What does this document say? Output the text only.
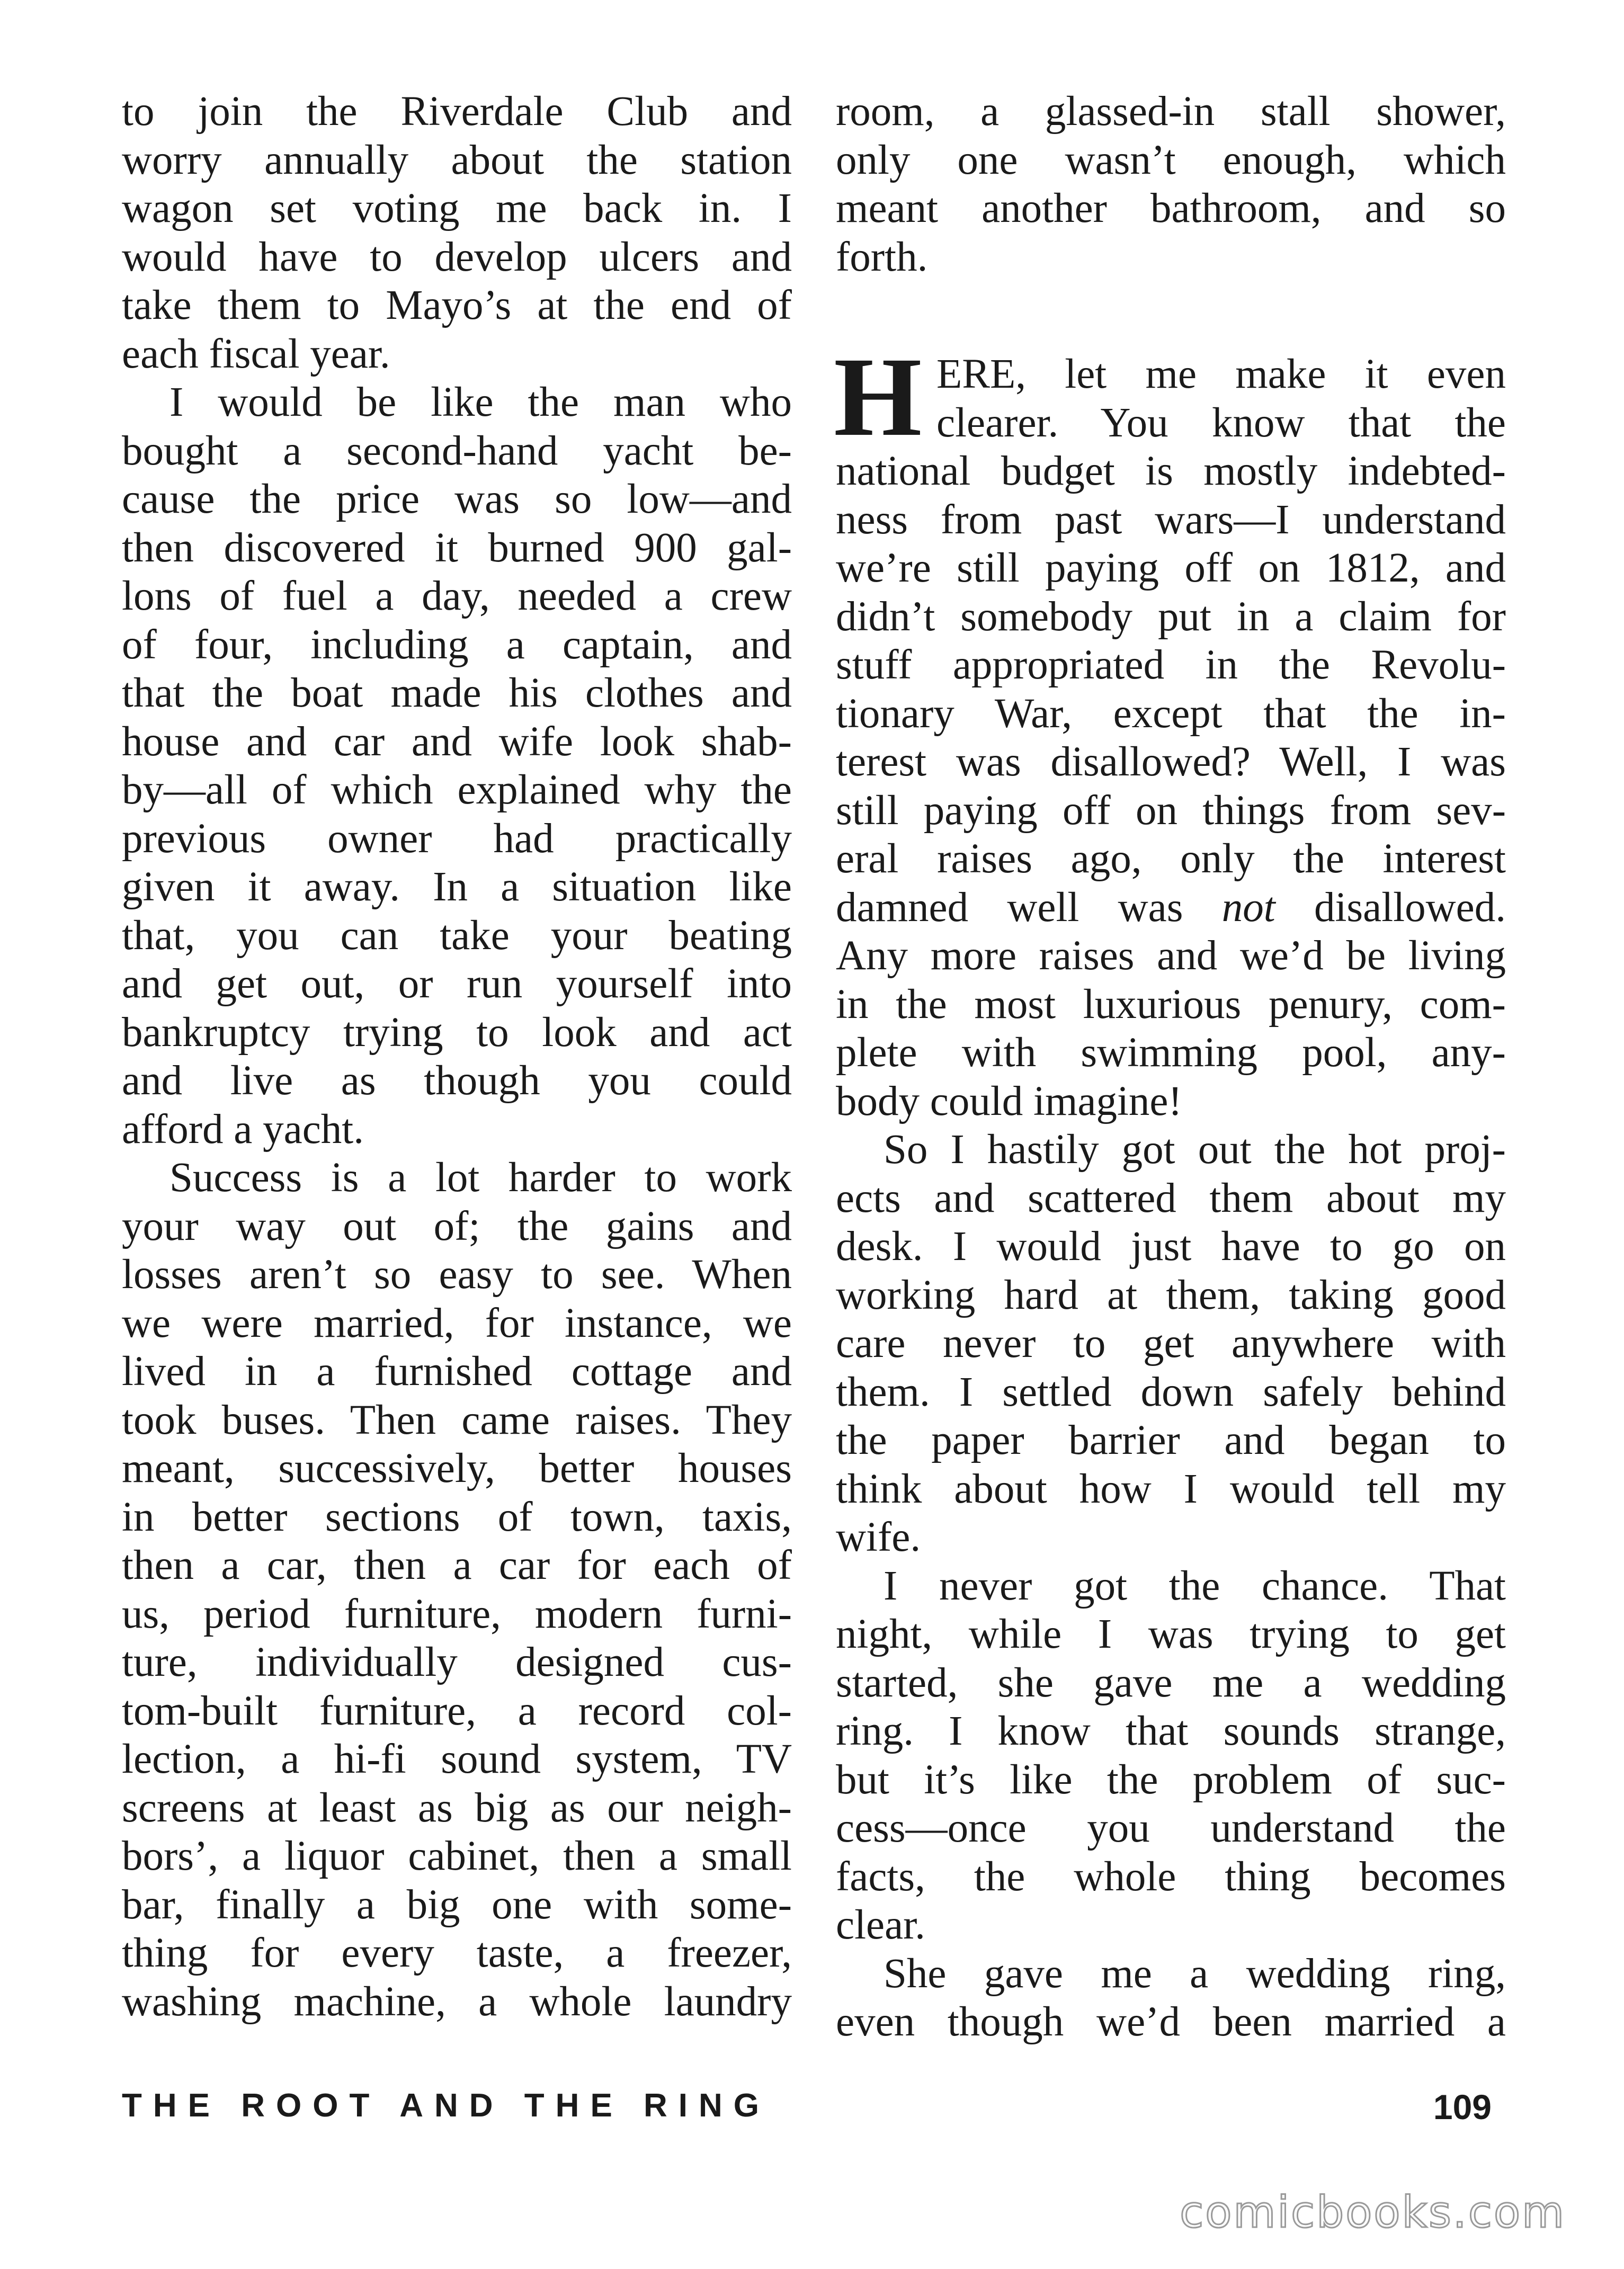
to join the Riverdale Club and
worry annually about the station
wagon set voting me back in. I
would have to develop ulcers and
take them to Mayo’s at the end of
each fiscal year.
I would be like the man who
bought a second-hand yacht be-
cause the price was so low—and
then discovered it burned 900 gal-
lons of fuel a day, needed a crew
of four, including a captain, and
that the boat made his clothes and
house and car and wife look shab-
by—all of which explained why the
previous owner had practically
given it away. In a situation like
that, you can take your beating
and get out, or run yourself into
bankruptcy trying to look and act
and live as though you could
afford a yacht.
Success is a lot harder to work
your way out of; the gains and
losses aren’t so easy to see. When
we were married, for instance, we
lived in a furnished cottage and
took buses. Then came raises. They
meant, successively, better houses
in better sections of town, taxis,
then a car, then a car for each of
us, period furniture, modern furni-
ture, individually designed cus-
tom-built furniture, a record col-
lection, a hi-fi sound system, TV
screens at least as big as our neigh-
bors’, a liquor cabinet, then a small
bar, finally a big one with some-
thing for every taste, a freezer,
washing machine, a whole laundry
room, a glassed-in stall shower,
only one wasn’t enough, which
meant another bathroom, and so
forth.
H ERE, let me make it even
clearer. You know that the
national budget is mostly indebted-
ness from past wars—I understand
we’re still paying off on 1812, and
didn’t somebody put in a claim for
stuff appropriated in the Revolu-
tionary War, except that the in-
terest was disallowed? Well, I was
still paying off on things from sev-
eral raises ago, only the interest
damned well was not disallowed.
Any more raises and we’d be living
in the most luxurious penury, com-
plete with swimming pool, any-
body could imagine!
So I hastily got out the hot proj-
ects and scattered them about my
desk. I would just have to go on
working hard at them, taking good
care never to get anywhere with
them. I settled down safely behind
the paper barrier and began to
think about how I would tell my
wife.
I never got the chance. That
night, while I was trying to get
started, she gave me a wedding
ring. I know that sounds strange,
but it’s like the problem of suc-
cess—once you understand the
facts, the whole thing becomes
clear.
She gave me a wedding ring,
even though we’d been married a
THE ROOT AND THE RING	109
comicbooks.com
